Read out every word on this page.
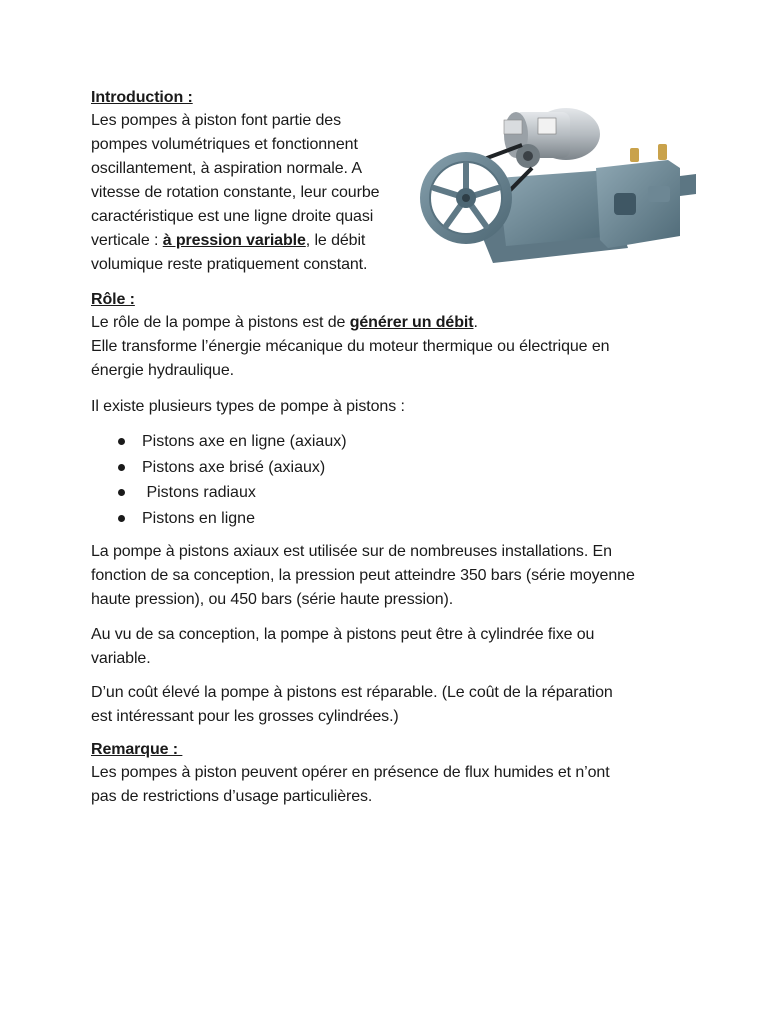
Introduction :
Les pompes à piston font partie des
pompes volumétriques et fonctionnent
oscillantement, à aspiration normale. A
vitesse de rotation constante, leur courbe
caractéristique est une ligne droite quasi
verticale : à pression variable, le débit
volumique reste pratiquement constant.
Rôle :
Le rôle de la pompe à pistons est de générer un débit.
Elle transforme l’énergie mécanique du moteur thermique ou électrique en
énergie hydraulique.

Il existe plusieurs types de pompe à pistons :

Pistons axe en ligne (axiaux)
Pistons axe brisé (axiaux)
Pistons radiaux
Pistons en ligne
La pompe à pistons axiaux est utilisée sur de nombreuses installations. En
fonction de sa conception, la pression peut atteindre 350 bars (série moyenne
haute pression), ou 450 bars (série haute pression).
Au vu de sa conception, la pompe à pistons peut être à cylindrée fixe ou
variable.
D’un coût élevé la pompe à pistons est réparable. (Le coût de la réparation
est intéressant pour les grosses cylindrées.)
Remarque :
Les pompes à piston peuvent opérer en présence de flux humides et n’ont
pas de restrictions d’usage particulières.
